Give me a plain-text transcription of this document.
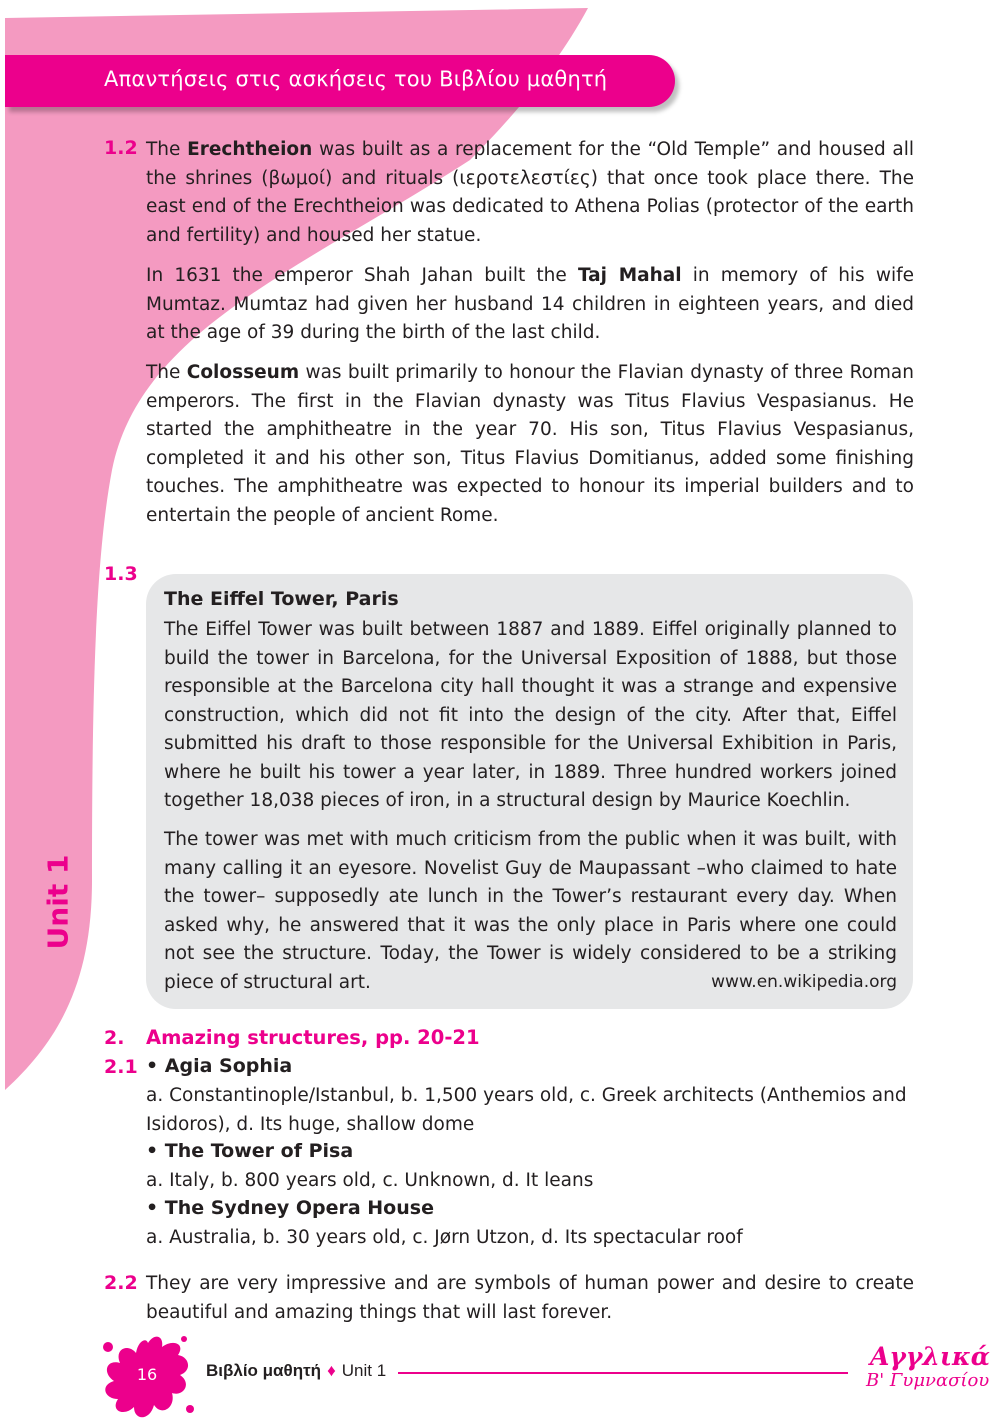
Απαντήσεις στις ασκήσεις του Βιβλίου μαθητή
Unit 1
1.2 The Erechtheion was built as a replacement for the “Old Temple” and housed all the shrines (βωμοί) and rituals (ιεροτελεστίες) that once took place there. The east end of the Erechtheion was dedicated to Athena Polias (protector of the earth and fertility) and housed her statue.

In 1631 the emperor Shah Jahan built the Taj Mahal in memory of his wife Mumtaz. Mumtaz had given her husband 14 children in eighteen years, and died at the age of 39 during the birth of the last child.

The Colosseum was built primarily to honour the Flavian dynasty of three Roman emperors. The first in the Flavian dynasty was Titus Flavius Vespasianus. He started the amphitheatre in the year 70. His son, Titus Flavius Vespasianus, completed it and his other son, Titus Flavius Domitianus, added some finishing touches. The amphitheatre was expected to honour its imperial builders and to entertain the people of ancient Rome.

1.3

The Eiffel Tower, Paris

The Eiffel Tower was built between 1887 and 1889. Eiffel originally planned to build the tower in Barcelona, for the Universal Exposition of 1888, but those responsible at the Barcelona city hall thought it was a strange and expensive construction, which did not fit into the design of the city. After that, Eiffel submitted his draft to those responsible for the Universal Exhibition in Paris, where he built his tower a year later, in 1889. Three hundred workers joined together 18,038 pieces of iron, in a structural design by Maurice Koechlin.

The tower was met with much criticism from the public when it was built, with many calling it an eyesore. Novelist Guy de Maupassant –who claimed to hate the tower– supposedly ate lunch in the Tower’s restaurant every day. When asked why, he answered that it was the only place in Paris where one could not see the structure. Today, the Tower is widely considered to be a striking piece of structural art.	www.en.wikipedia.org
2. Amazing structures, pp. 20-21
2.1 • Agia Sophia

a. Constantinople/Istanbul, b. 1,500 years old, c. Greek architects (Anthemios and Isidoros), d. Its huge, shallow dome

• The Tower of Pisa

a. Italy, b. 800 years old, c. Unknown, d. It leans

• The Sydney Opera House

a. Australia, b. 30 years old, c. Jørn Utzon, d. Its spectacular roof

2.2 They are very impressive and are symbols of human power and desire to create beautiful and amazing things that will last forever.

16	Βιβλίο μαθητή ♦ Unit 1	Αγγλικά
Β' Γυμνασίου
